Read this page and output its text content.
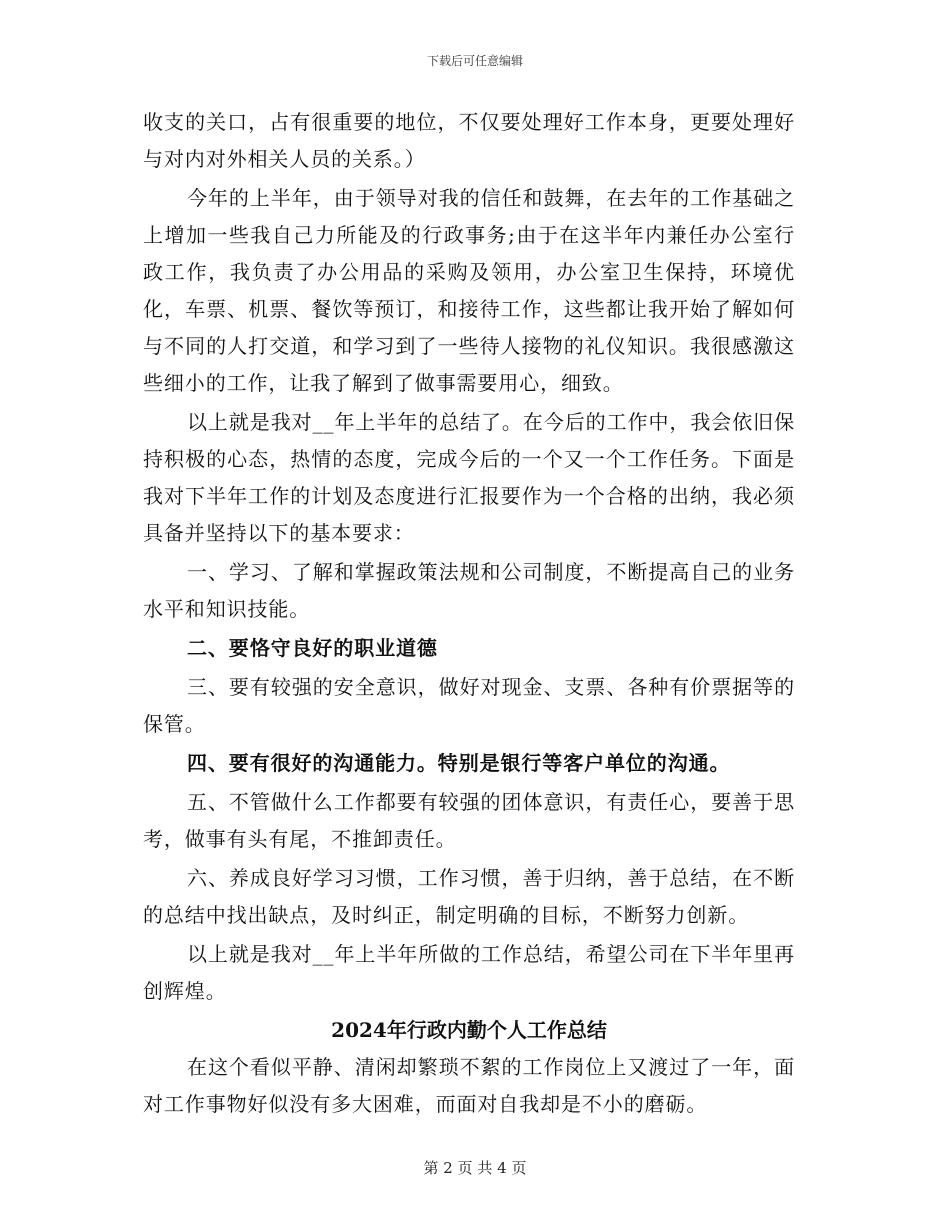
下载后可任意编辑

收支的关口，占有很重要的地位，不仅要处理好工作本身，更要处理好与对内对外相关人员的关系。）

今年的上半年，由于领导对我的信任和鼓舞，在去年的工作基础之上增加一些我自己力所能及的行政事务;由于在这半年内兼任办公室行政工作，我负责了办公用品的采购及领用，办公室卫生保持，环境优化，车票、机票、餐饮等预订，和接待工作，这些都让我开始了解如何与不同的人打交道，和学习到了一些待人接物的礼仪知识。我很感激这些细小的工作，让我了解到了做事需要用心，细致。

以上就是我对__年上半年的总结了。在今后的工作中，我会依旧保持积极的心态，热情的态度，完成今后的一个又一个工作任务。下面是我对下半年工作的计划及态度进行汇报要作为一个合格的出纳，我必须具备并坚持以下的基本要求：

一、学习、了解和掌握政策法规和公司制度，不断提高自己的业务水平和知识技能。

二、要恪守良好的职业道德

三、要有较强的安全意识，做好对现金、支票、各种有价票据等的保管。

四、要有很好的沟通能力。特别是银行等客户单位的沟通。

五、不管做什么工作都要有较强的团体意识，有责任心，要善于思考，做事有头有尾，不推卸责任。

六、养成良好学习习惯，工作习惯，善于归纳，善于总结，在不断的总结中找出缺点，及时纠正，制定明确的目标，不断努力创新。

以上就是我对__年上半年所做的工作总结，希望公司在下半年里再创辉煌。

2024年行政内勤个人工作总结

在这个看似平静、清闲却繁琐不絮的工作岗位上又渡过了一年，面对工作事物好似没有多大困难，而面对自我却是不小的磨砺。

第 2 页 共 4 页
